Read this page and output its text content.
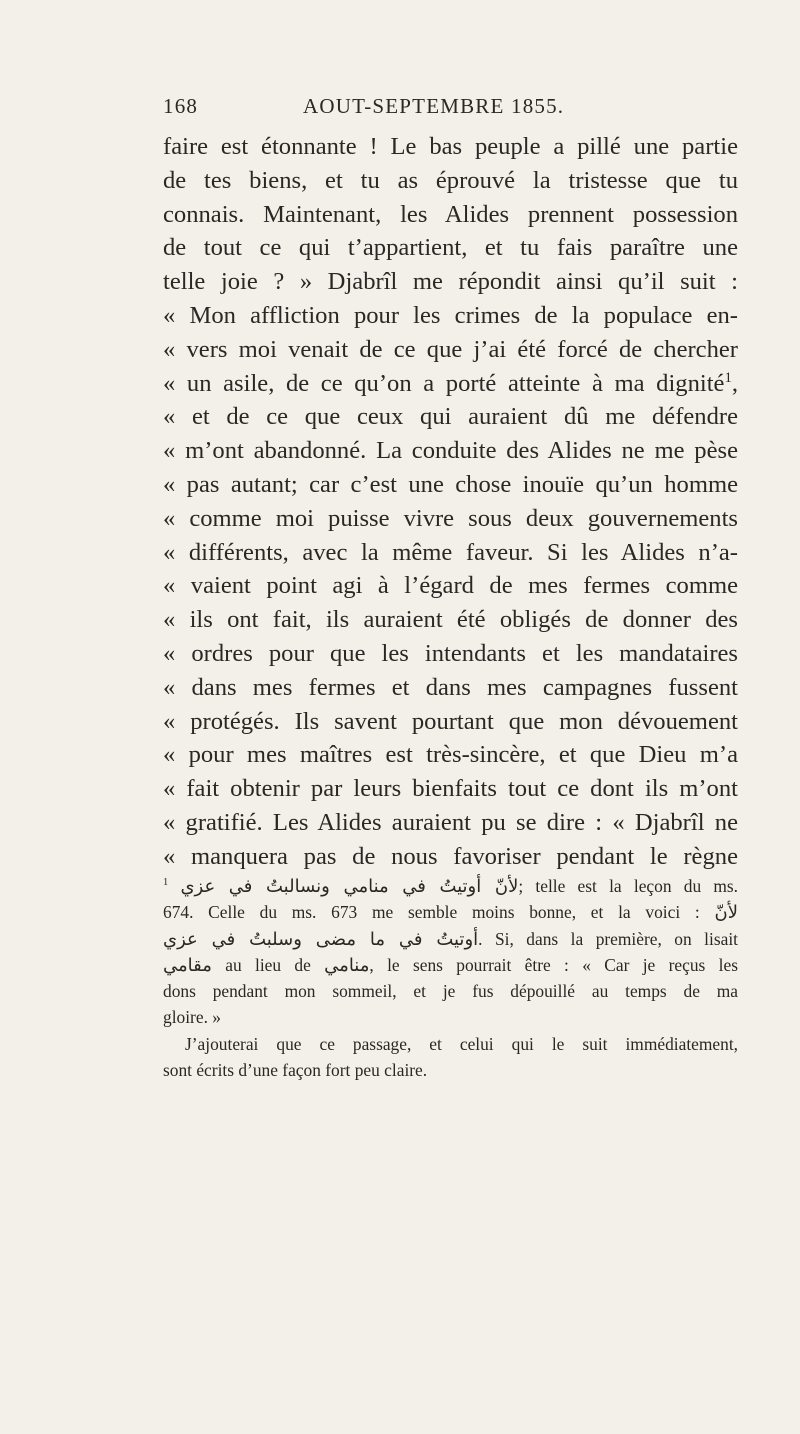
168	AOUT-SEPTEMBRE 1855.
faire est étonnante ! Le bas peuple a pillé une partie
de tes biens, et tu as éprouvé la tristesse que tu
connais. Maintenant, les Alides prennent possession
de tout ce qui t’appartient, et tu fais paraître une
telle joie ? » Djabrîl me répondit ainsi qu’il suit :
« Mon affliction pour les crimes de la populace en-
« vers moi venait de ce que j’ai été forcé de chercher
« un asile, de ce qu’on a porté atteinte à ma dignité$^1$,
« et de ce que ceux qui auraient dû me défendre
« m’ont abandonné. La conduite des Alides ne me pèse
« pas autant; car c’est une chose inouïe qu’un homme
« comme moi puisse vivre sous deux gouvernements
« différents, avec la même faveur. Si les Alides n’a-
« vaient point agi à l’égard de mes fermes comme
« ils ont fait, ils auraient été obligés de donner des
« ordres pour que les intendants et les mandataires
« dans mes fermes et dans mes campagnes fussent
« protégés. Ils savent pourtant que mon dévouement
« pour mes maîtres est très-sincère, et que Dieu m’a
« fait obtenir par leurs bienfaits tout ce dont ils m’ont
« gratifié. Les Alides auraient pu se dire : « Djabrîl ne
« manquera pas de nous favoriser pendant le règne
$^1$ لأنّ أوتيتُ في منامي ونسالبتُ في عزي; telle est la leçon du ms.
674. Celle du ms. 673 me semble moins bonne, et la voici : لأنّ
أوتيتُ في ما مضى وسلبتُ في عزي. Si, dans la première, on lisait
مقامي au lieu de منامي, le sens pourrait être : « Car je reçus les
dons pendant mon sommeil, et je fus dépouillé au temps de ma
gloire. »
J’ajouterai que ce passage, et celui qui le suit immédiatement,
sont écrits d’une façon fort peu claire.
